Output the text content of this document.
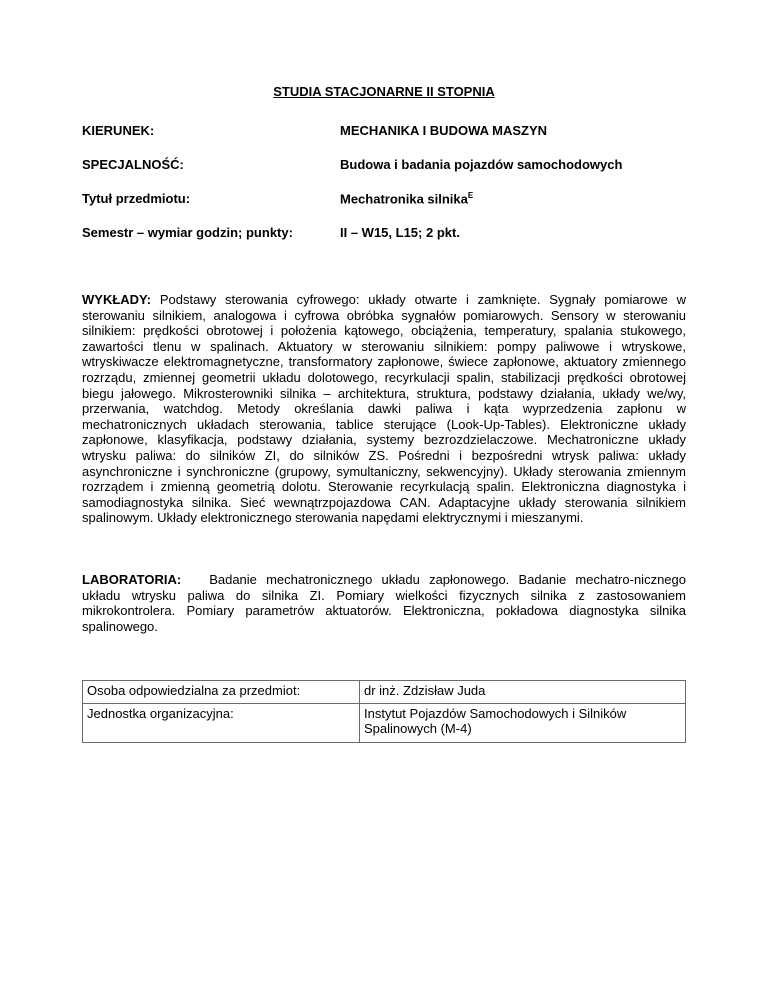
STUDIA STACJONARNE II STOPNIA
KIERUNEK:	MECHANIKA I BUDOWA MASZYN
SPECJALNOŚĆ:	Budowa i badania pojazdów samochodowych
Tytuł przedmiotu:	Mechatronika silnika$^E$
Semestr – wymiar godzin; punkty:	II – W15, L15; 2 pkt.

WYKŁADY: Podstawy sterowania cyfrowego: układy otwarte i zamknięte. Sygnały pomiarowe w sterowaniu silnikiem, analogowa i cyfrowa obróbka sygnałów pomiarowych. Sensory w sterowaniu silnikiem: prędkości obrotowej i położenia kątowego, obciążenia, temperatury, spalania stukowego, zawartości tlenu w spalinach. Aktuatory w sterowaniu silnikiem: pompy paliwowe i wtryskowe, wtryskiwacze elektromagnetyczne, transformatory zapłonowe, świece zapłonowe, aktuatory zmiennego rozrządu, zmiennej geometrii układu dolotowego, recyrkulacji spalin, stabilizacji prędkości obrotowej biegu jałowego. Mikrosterowniki silnika – architektura, struktura, podstawy działania, układy we/wy, przerwania, watchdog. Metody określania dawki paliwa i kąta wyprzedzenia zapłonu w mechatronicznych układach sterowania, tablice sterujące (Look-Up-Tables). Elektroniczne układy zapłonowe, klasyfikacja, podstawy działania, systemy bezrozdzielaczowe. Mechatroniczne układy wtrysku paliwa: do silników ZI, do silników ZS. Pośredni i bezpośredni wtrysk paliwa: układy asynchroniczne i synchroniczne (grupowy, symultaniczny, sekwencyjny). Układy sterowania zmiennym rozrządem i zmienną geometrią dolotu. Sterowanie recyrkulacją spalin. Elektroniczna diagnostyka i samodiagnostyka silnika. Sieć wewnątrzpojazdowa CAN. Adaptacyjne układy sterowania silnikiem spalinowym. Układy elektronicznego sterowania napędami elektrycznymi i mieszanymi.

LABORATORIA: Badanie mechatronicznego układu zapłonowego. Badanie mechatro-nicznego układu wtrysku paliwa do silnika ZI. Pomiary wielkości fizycznych silnika z zastosowaniem mikrokontrolera. Pomiary parametrów aktuatorów. Elektroniczna, pokładowa diagnostyka silnika spalinowego.

Osoba odpowiedzialna za przedmiot:	dr inż. Zdzisław Juda
Jednostka organizacyjna:	Instytut Pojazdów Samochodowych i Silników Spalinowych (M-4)
